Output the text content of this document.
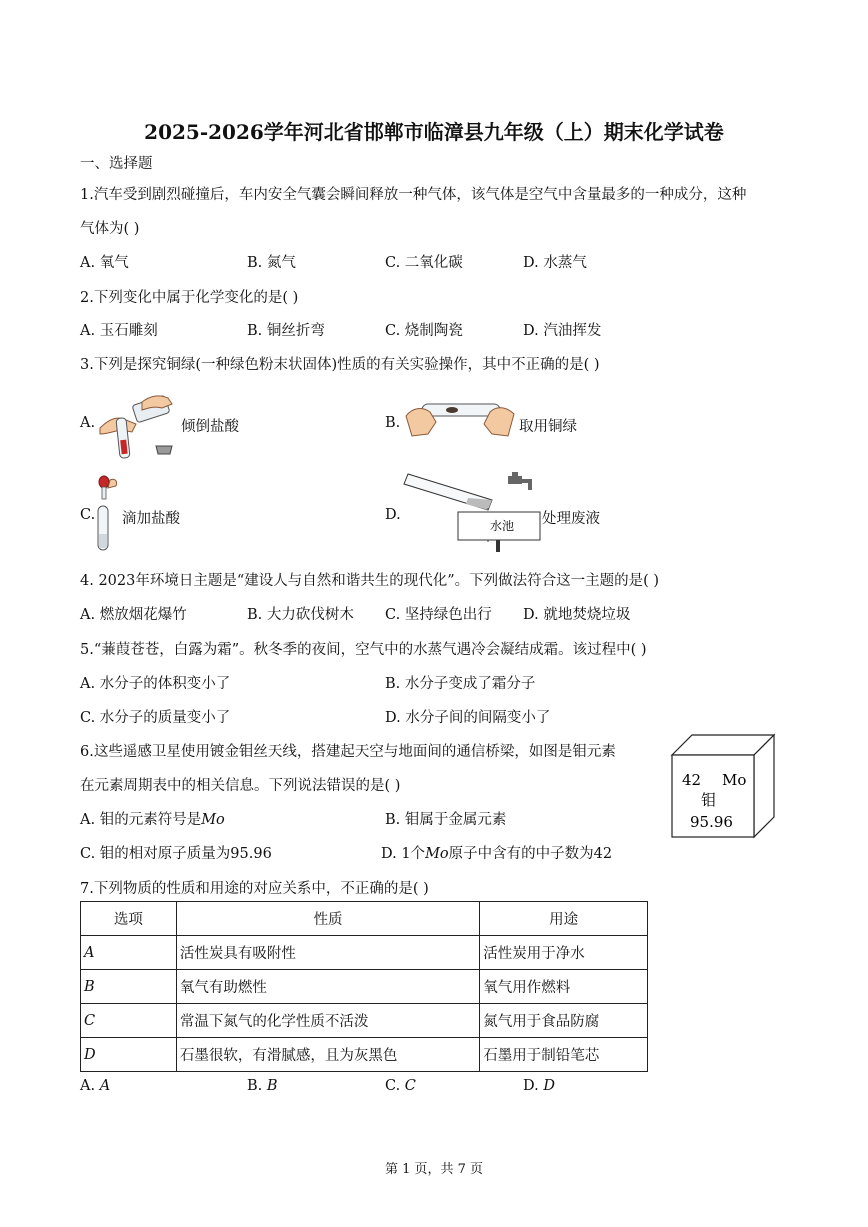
2025-2026学年河北省邯郸市临漳县九年级（上）期末化学试卷
一、选择题
1.汽车受到剧烈碰撞后，车内安全气囊会瞬间释放一种气体，该气体是空气中含量最多的一种成分，这种
气体为( )
A. 氧气	B. 氮气	C. 二氧化碳	D. 水蒸气
2.下列变化中属于化学变化的是( )
A. 玉石雕刻	B. 铜丝折弯	C. 烧制陶瓷	D. 汽油挥发
3.下列是探究铜绿(一种绿色粉末状固体)性质的有关实验操作，其中不正确的是( )
A.	倾倒盐酸	B.	取用铜绿
C. 滴加盐酸	D.
水池 处理废液
4. 2023年环境日主题是“建设人与自然和谐共生的现代化”。下列做法符合这一主题的是( )
A. 燃放烟花爆竹	B. 大力砍伐树木 C. 坚持绿色出行 D. 就地焚烧垃圾
5.“蒹葭苍苍，白露为霜”。秋冬季的夜间，空气中的水蒸气遇冷会凝结成霜。该过程中( )
A. 水分子的体积变小了	B. 水分子变成了霜分子
C. 水分子的质量变小了	D. 水分子间的间隔变小了
6.这些遥感卫星使用镀金钼丝天线，搭建起天空与地面间的通信桥梁，如图是钼元素
在元素周期表中的相关信息。下列说法错误的是( )
A. 钼的元素符号是Mo	B. 钼属于金属元素
C. 钼的相对原子质量为95.96	D. 1个Mo原子中含有的中子数为42
42 Mo
钼
95.96
7.下列物质的性质和用途的对应关系中，不正确的是( )
选项	性质	用途
A	活性炭具有吸附性	活性炭用于净水
B	氧气有助燃性	氧气用作燃料
C	常温下氮气的化学性质不活泼	氮气用于食品防腐
D	石墨很软，有滑腻感，且为灰黑色	石墨用于制铅笔芯
A. A	B. B	C. C	D. D
第 1 页，共 7 页
